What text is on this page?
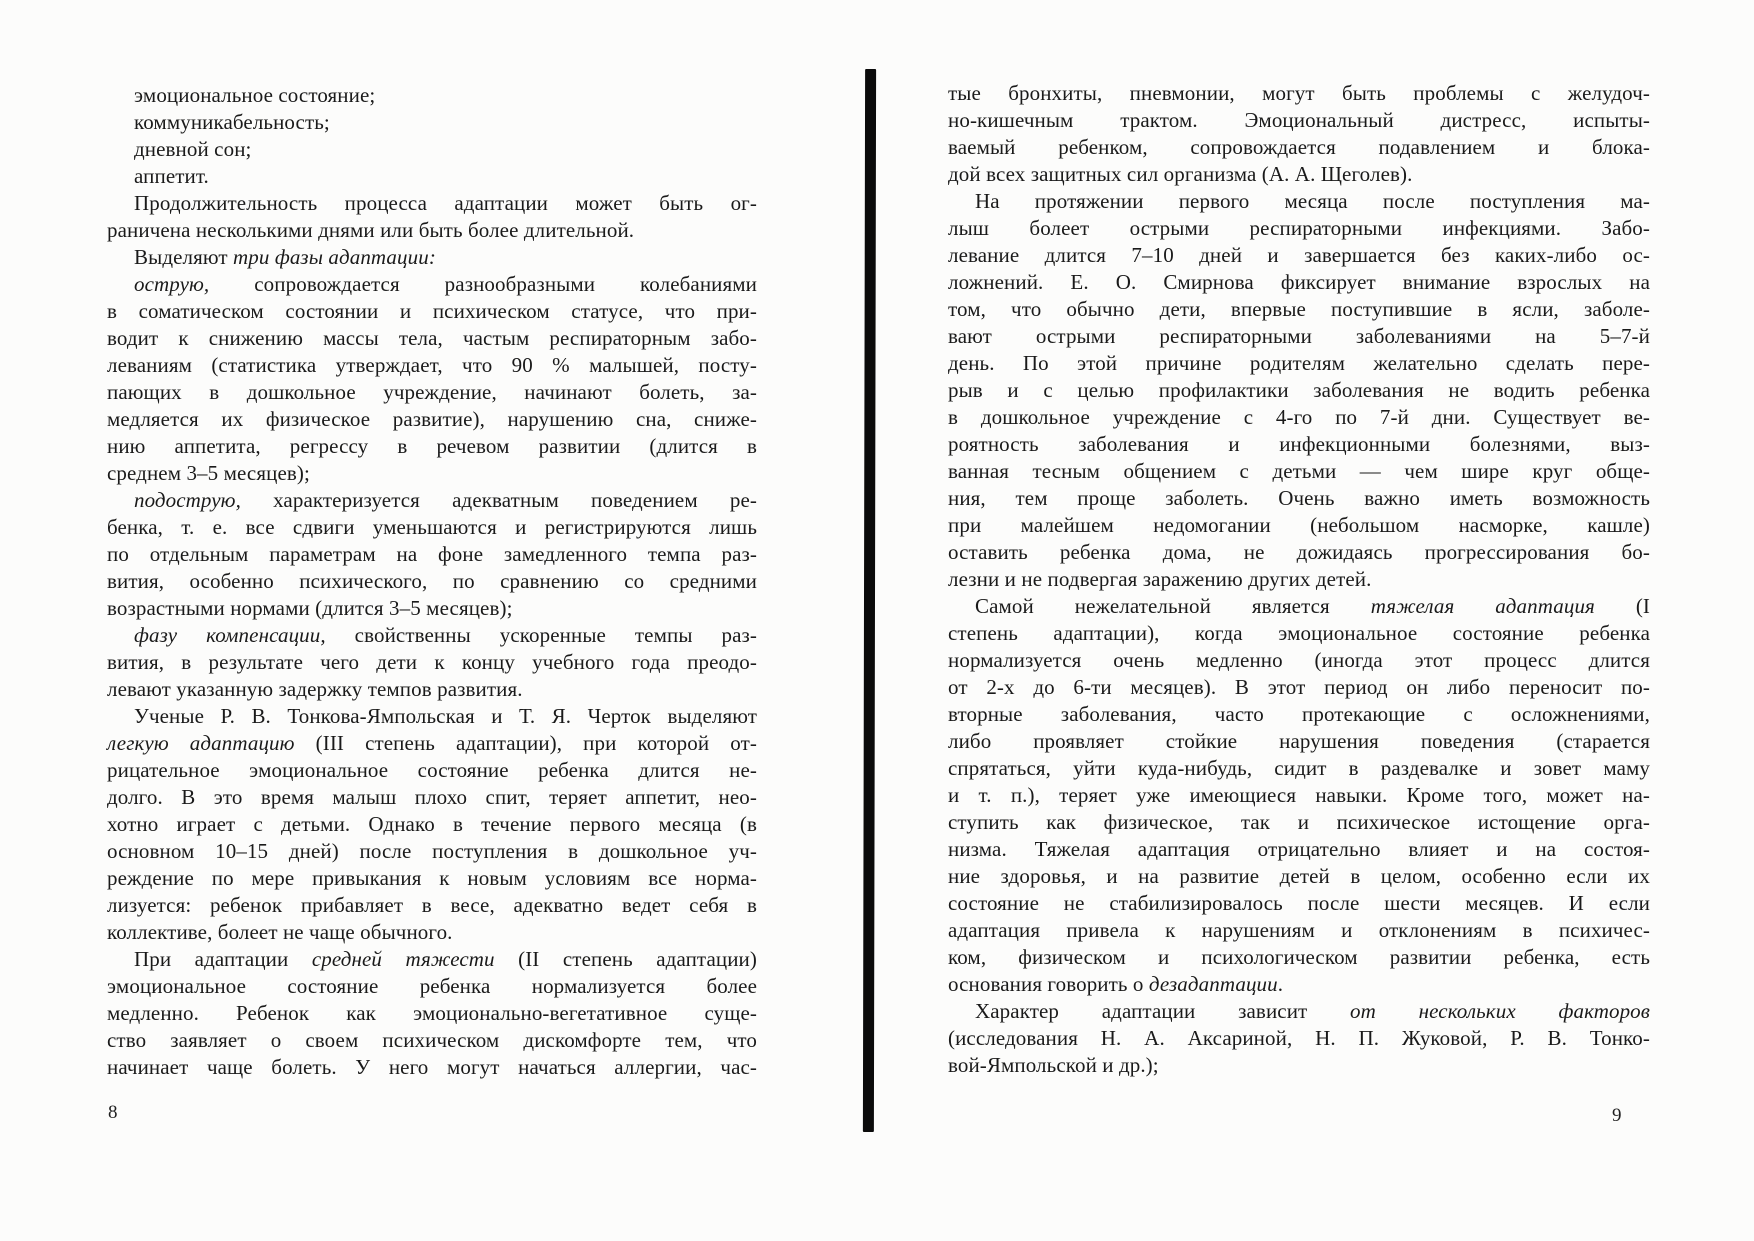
эмоциональное состояние;
коммуникабельность;
дневной сон;
аппетит.
Продолжительность процесса адаптации может быть ог-
раничена несколькими днями или быть более длительной.
Выделяют три фазы адаптации:
острую, сопровождается разнообразными колебаниями
в соматическом состоянии и психическом статусе, что при-
водит к снижению массы тела, частым респираторным забо-
леваниям (статистика утверждает, что 90 % малышей, посту-
пающих в дошкольное учреждение, начинают болеть, за-
медляется их физическое развитие), нарушению сна, сниже-
нию аппетита, регрессу в речевом развитии (длится в
среднем 3–5 месяцев);
подострую, характеризуется адекватным поведением ре-
бенка, т. е. все сдвиги уменьшаются и регистрируются лишь
по отдельным параметрам на фоне замедленного темпа раз-
вития, особенно психического, по сравнению со средними
возрастными нормами (длится 3–5 месяцев);
фазу компенсации, свойственны ускоренные темпы раз-
вития, в результате чего дети к концу учебного года преодо-
левают указанную задержку темпов развития.
Ученые Р. В. Тонкова-Ямпольская и Т. Я. Черток выделяют
легкую адаптацию (III степень адаптации), при которой от-
рицательное эмоциональное состояние ребенка длится не-
долго. В это время малыш плохо спит, теряет аппетит, нео-
хотно играет с детьми. Однако в течение первого месяца (в
основном 10–15 дней) после поступления в дошкольное уч-
реждение по мере привыкания к новым условиям все норма-
лизуется: ребенок прибавляет в весе, адекватно ведет себя в
коллективе, болеет не чаще обычного.
При адаптации средней тяжести (II степень адаптации)
эмоциональное состояние ребенка нормализуется более
медленно. Ребенок как эмоционально-вегетативное суще-
ство заявляет о своем психическом дискомфорте тем, что
начинает чаще болеть. У него могут начаться аллергии, час-
тые бронхиты, пневмонии, могут быть проблемы с желудоч-
но-кишечным трактом. Эмоциональный дистресс, испыты-
ваемый ребенком, сопровождается подавлением и блока-
дой всех защитных сил организма (А. А. Щеголев).
На протяжении первого месяца после поступления ма-
лыш болеет острыми респираторными инфекциями. Забо-
левание длится 7–10 дней и завершается без каких-либо ос-
ложнений. Е. О. Смирнова фиксирует внимание взрослых на
том, что обычно дети, впервые поступившие в ясли, заболе-
вают острыми респираторными заболеваниями на 5–7-й
день. По этой причине родителям желательно сделать пере-
рыв и с целью профилактики заболевания не водить ребенка
в дошкольное учреждение с 4-го по 7-й дни. Существует ве-
роятность заболевания и инфекционными болезнями, выз-
ванная тесным общением с детьми — чем шире круг обще-
ния, тем проще заболеть. Очень важно иметь возможность
при малейшем недомогании (небольшом насморке, кашле)
оставить ребенка дома, не дожидаясь прогрессирования бо-
лезни и не подвергая заражению других детей.
Самой нежелательной является тяжелая адаптация (I
степень адаптации), когда эмоциональное состояние ребенка
нормализуется очень медленно (иногда этот процесс длится
от 2-х до 6-ти месяцев). В этот период он либо переносит по-
вторные заболевания, часто протекающие с осложнениями,
либо проявляет стойкие нарушения поведения (старается
спрятаться, уйти куда-нибудь, сидит в раздевалке и зовет маму
и т. п.), теряет уже имеющиеся навыки. Кроме того, может на-
ступить как физическое, так и психическое истощение орга-
низма. Тяжелая адаптация отрицательно влияет и на состоя-
ние здоровья, и на развитие детей в целом, особенно если их
состояние не стабилизировалось после шести месяцев. И если
адаптация привела к нарушениям и отклонениям в психичес-
ком, физическом и психологическом развитии ребенка, есть
основания говорить о дезадаптации.
Характер адаптации зависит от нескольких факторов
(исследования Н. А. Аксариной, Н. П. Жуковой, Р. В. Тонко-
вой-Ямпольской и др.);
8	9
